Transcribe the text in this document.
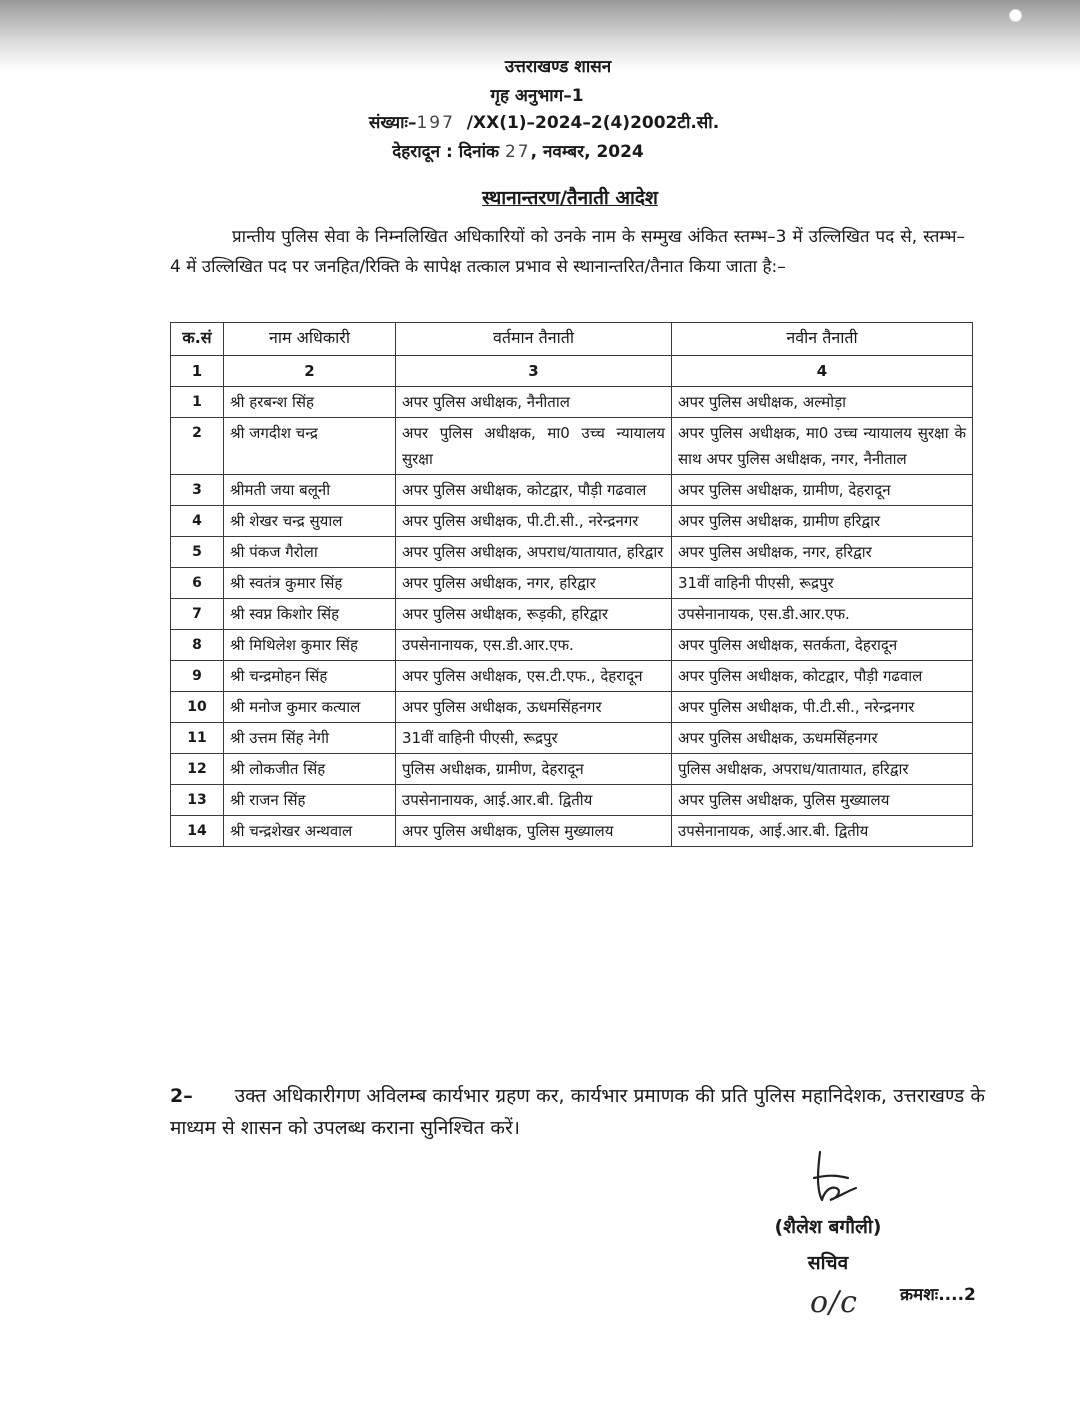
उत्तराखण्ड शासन
गृह अनुभाग–1
संख्याः–197 /XX(1)–2024–2(4)2002टी.सी.
देहरादून : दिनांक 27, नवम्बर, 2024
स्थानान्तरण/तैनाती आदेश
प्रान्तीय पुलिस सेवा के निम्नलिखित अधिकारियों को उनके नाम के सम्मुख अंकित स्तम्भ–3 में उल्लिखित पद से, स्तम्भ–4 में उल्लिखित पद पर जनहित/रिक्ति के सापेक्ष तत्काल प्रभाव से स्थानान्तरित/तैनात किया जाता है:–
क.सं	नाम अधिकारी	वर्तमान तैनाती	नवीन तैनाती
1	2	3	4
1	श्री हरबन्श सिंह	अपर पुलिस अधीक्षक, नैनीताल	अपर पुलिस अधीक्षक, अल्मोड़ा
2	श्री जगदीश चन्द्र	अपर पुलिस अधीक्षक, मा0 उच्च न्यायालय सुरक्षा	अपर पुलिस अधीक्षक, मा0 उच्च न्यायालय सुरक्षा के साथ अपर पुलिस अधीक्षक, नगर, नैनीताल
3	श्रीमती जया बलूनी	अपर पुलिस अधीक्षक, कोटद्वार, पौड़ी गढवाल	अपर पुलिस अधीक्षक, ग्रामीण, देहरादून
4	श्री शेखर चन्द्र सुयाल	अपर पुलिस अधीक्षक, पी.टी.सी., नरेन्द्रनगर	अपर पुलिस अधीक्षक, ग्रामीण हरिद्वार
5	श्री पंकज गैरोला	अपर पुलिस अधीक्षक, अपराध/यातायात, हरिद्वार	अपर पुलिस अधीक्षक, नगर, हरिद्वार
6	श्री स्वतंत्र कुमार सिंह	अपर पुलिस अधीक्षक, नगर, हरिद्वार	31वीं वाहिनी पीएसी, रूद्रपुर
7	श्री स्वप्न किशोर सिंह	अपर पुलिस अधीक्षक, रूड़की, हरिद्वार	उपसेनानायक, एस.डी.आर.एफ.
8	श्री मिथिलेश कुमार सिंह	उपसेनानायक, एस.डी.आर.एफ.	अपर पुलिस अधीक्षक, सतर्कता, देहरादून
9	श्री चन्द्रमोहन सिंह	अपर पुलिस अधीक्षक, एस.टी.एफ., देहरादून	अपर पुलिस अधीक्षक, कोटद्वार, पौड़ी गढवाल
10	श्री मनोज कुमार कत्याल	अपर पुलिस अधीक्षक, ऊधमसिंहनगर	अपर पुलिस अधीक्षक, पी.टी.सी., नरेन्द्रनगर
11	श्री उत्तम सिंह नेगी	31वीं वाहिनी पीएसी, रूद्रपुर	अपर पुलिस अधीक्षक, ऊधमसिंहनगर
12	श्री लोकजीत सिंह	पुलिस अधीक्षक, ग्रामीण, देहरादून	पुलिस अधीक्षक, अपराध/यातायात, हरिद्वार
13	श्री राजन सिंह	उपसेनानायक, आई.आर.बी. द्वितीय	अपर पुलिस अधीक्षक, पुलिस मुख्यालय
14	श्री चन्द्रशेखर अन्थवाल	अपर पुलिस अधीक्षक, पुलिस मुख्यालय	उपसेनानायक, आई.आर.बी. द्वितीय
2– उक्त अधिकारीगण अविलम्ब कार्यभार ग्रहण कर, कार्यभार प्रमाणक की प्रति पुलिस महानिदेशक, उत्तराखण्ड के माध्यम से शासन को उपलब्ध कराना सुनिश्चित करें।
(शैलेश बगौली)
सचिव
o/c क्रमशः....2
